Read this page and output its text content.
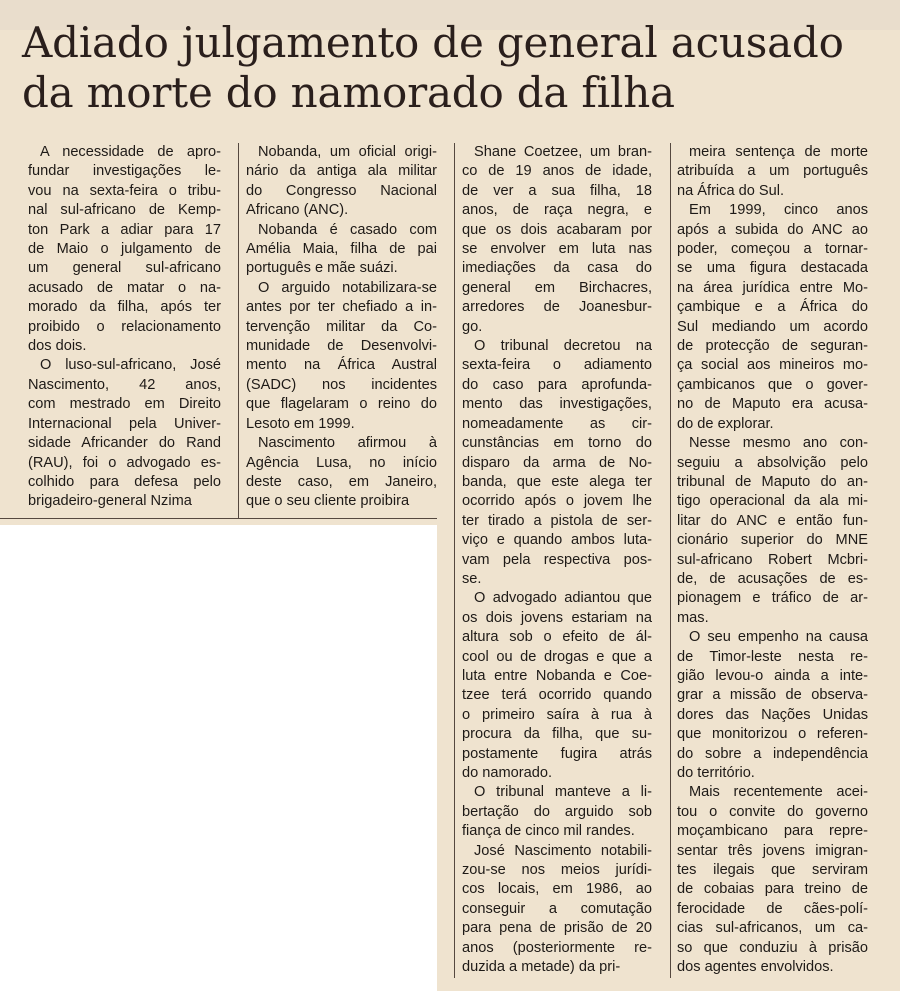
Adiado julgamento de general acusado
da morte do namorado da filha

A necessidade de apro-
fundar investigações le-
vou na sexta-feira o tribu-
nal sul-africano de Kemp-
ton Park a adiar para 17
de Maio o julgamento de
um general sul-africano
acusado de matar o na-
morado da filha, após ter
proibido o relacionamento
dos dois.

O luso-sul-africano, José
Nascimento, 42 anos,
com mestrado em Direito
Internacional pela Univer-
sidade Africander do Rand
(RAU), foi o advogado es-
colhido para defesa pelo
brigadeiro-general Nzima

Nobanda, um oficial origi-
nário da antiga ala militar
do Congresso Nacional
Africano (ANC).

Nobanda é casado com
Amélia Maia, filha de pai
português e mãe suázi.

O arguido notabilizara-se
antes por ter chefiado a in-
tervenção militar da Co-
munidade de Desenvolvi-
mento na África Austral
(SADC) nos incidentes
que flagelaram o reino do
Lesoto em 1999.

Nascimento afirmou à
Agência Lusa, no início
deste caso, em Janeiro,
que o seu cliente proibira

Shane Coetzee, um bran-
co de 19 anos de idade,
de ver a sua filha, 18
anos, de raça negra, e
que os dois acabaram por
se envolver em luta nas
imediações da casa do
general em Birchacres,
arredores de Joanesbur-
go.

O tribunal decretou na
sexta-feira o adiamento
do caso para aprofunda-
mento das investigações,
nomeadamente as cir-
cunstâncias em torno do
disparo da arma de No-
banda, que este alega ter
ocorrido após o jovem lhe
ter tirado a pistola de ser-
viço e quando ambos luta-
vam pela respectiva pos-
se.

O advogado adiantou que
os dois jovens estariam na
altura sob o efeito de ál-
cool ou de drogas e que a
luta entre Nobanda e Coe-
tzee terá ocorrido quando
o primeiro saíra à rua à
procura da filha, que su-
postamente fugira atrás
do namorado.

O tribunal manteve a li-
bertação do arguido sob
fiança de cinco mil randes.

José Nascimento notabili-
zou-se nos meios jurídi-
cos locais, em 1986, ao
conseguir a comutação
para pena de prisão de 20
anos (posteriormente re-
duzida a metade) da pri-

meira sentença de morte
atribuída a um português
na África do Sul.

Em 1999, cinco anos
após a subida do ANC ao
poder, começou a tornar-
se uma figura destacada
na área jurídica entre Mo-
çambique e a África do
Sul mediando um acordo
de protecção de seguran-
ça social aos mineiros mo-
çambicanos que o gover-
no de Maputo era acusa-
do de explorar.

Nesse mesmo ano con-
seguiu a absolvição pelo
tribunal de Maputo do an-
tigo operacional da ala mi-
litar do ANC e então fun-
cionário superior do MNE
sul-africano Robert Mcbri-
de, de acusações de es-
pionagem e tráfico de ar-
mas.

O seu empenho na causa
de Timor-leste nesta re-
gião levou-o ainda a inte-
grar a missão de observa-
dores das Nações Unidas
que monitorizou o referen-
do sobre a independência
do território.

Mais recentemente acei-
tou o convite do governo
moçambicano para repre-
sentar três jovens imigran-
tes ilegais que serviram
de cobaias para treino de
ferocidade de cães-polí-
cias sul-africanos, um ca-
so que conduziu à prisão
dos agentes envolvidos.
